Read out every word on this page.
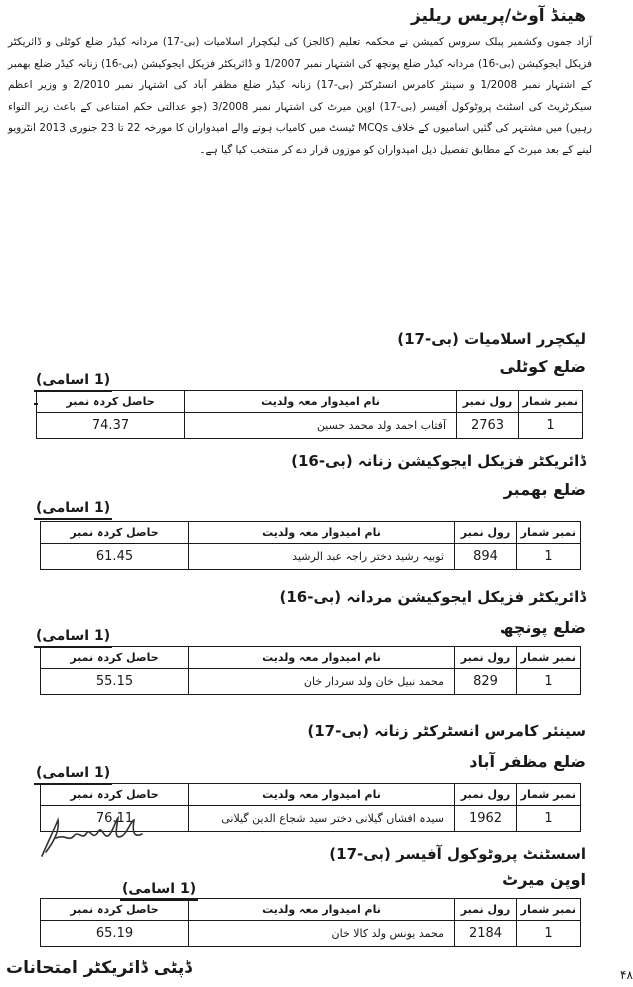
ھینڈ آوٹ/پریس ریلیز
آزاد جموں وکشمیر پبلک سروس کمیشن نے محکمہ تعلیم (کالجز) کی لیکچرار اسلامیات (بی-17) مردانہ کیڈر ضلع کوٹلی و ڈائریکٹر فزیکل ایجوکیشن (بی-16) مردانہ کیڈر ضلع پونچھ کی اشتہار نمبر 1/2007 و ڈائریکٹر فزیکل ایجوکیشن (بی-16) زنانہ کیڈر ضلع بھمبر کے اشتہار نمبر 1/2008 و سینئر کامرس انسٹرکٹر (بی-17) زنانہ کیڈر ضلع مظفر آباد کی اشتہار نمبر 2/2010 و وزیر اعظم سیکرٹریٹ کی اسٹنٹ پروٹوکول آفیسر (بی-17) اوپن میرٹ کی اشتہار نمبر 3/2008 (جو عدالتی حکم امتناعی کے باعث زیر التواء رہیں) میں مشتہر کی گئیں اسامیوں کے خلاف MCQs ٹیسٹ میں کامیاب ہونے والے امیدواران کا مورخہ 22 تا 23 جنوری 2013 انٹرویو لینے کے بعد میرٹ کے مطابق تفصیل ذیل امیدواران کو موزوں قرار دے کر منتخب کیا گیا ہے۔
لیکچرر اسلامیات (بی-17)
ضلع کوٹلی
(1 اسامی)
نمبر شمار	رول نمبر	نام امیدوار معہ ولدیت	حاصل کردہ نمبر
1	2763	آفتاب احمد ولد محمد حسین	74.37
ڈائریکٹر فزیکل ایجوکیشن زنانہ (بی-16)
ضلع بھمبر
(1 اسامی)
نمبر شمار	رول نمبر	نام امیدوار معہ ولدیت	حاصل کردہ نمبر
1	894	ثوبیہ رشید دختر راجہ عبد الرشید	61.45
ڈائریکٹر فزیکل ایجوکیشن مردانہ (بی-16)
ضلع پونچھ
(1 اسامی)
نمبر شمار	رول نمبر	نام امیدوار معہ ولدیت	حاصل کردہ نمبر
1	829	محمد نبیل خان ولد سردار خان	55.15
سینئر کامرس انسٹرکٹر زنانہ (بی-17)
ضلع مظفر آباد
(1 اسامی)
نمبر شمار	رول نمبر	نام امیدوار معہ ولدیت	حاصل کردہ نمبر
1	1962	سیدہ افشاں گیلانی دختر سید شجاع الدین گیلانی	76.11
اسسٹنٹ پروٹوکول آفیسر (بی-17)
اوپن میرٹ
(1 اسامی)
نمبر شمار	رول نمبر	نام امیدوار معہ ولدیت	حاصل کردہ نمبر
1	2184	محمد یونس ولد کالا خان	65.19
ڈپٹی ڈائریکٹر امتحانات	۴۸
